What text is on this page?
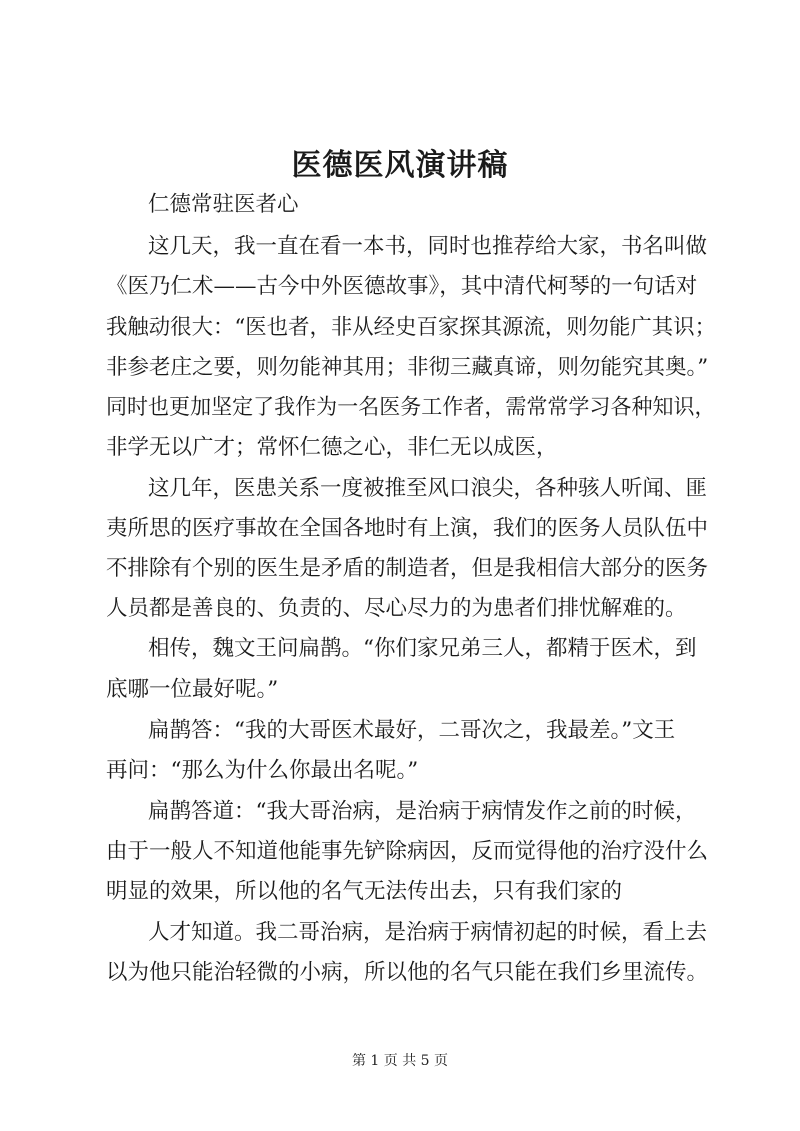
医德医风演讲稿
仁德常驻医者心
这几天，我一直在看一本书，同时也推荐给大家，书名叫做
《医乃仁术——古今中外医德故事》，其中清代柯琴的一句话对
我触动很大：“医也者，非从经史百家探其源流，则勿能广其识；
非参老庄之要，则勿能神其用；非彻三藏真谛，则勿能究其奥。”
同时也更加坚定了我作为一名医务工作者，需常常学习各种知识，
非学无以广才；常怀仁德之心，非仁无以成医，
这几年，医患关系一度被推至风口浪尖，各种骇人听闻、匪
夷所思的医疗事故在全国各地时有上演，我们的医务人员队伍中
不排除有个别的医生是矛盾的制造者，但是我相信大部分的医务
人员都是善良的、负责的、尽心尽力的为患者们排忧解难的。
相传，魏文王问扁鹊。“你们家兄弟三人，都精于医术，到
底哪一位最好呢。”
扁鹊答：“我的大哥医术最好，二哥次之，我最差。”文王
再问：“那么为什么你最出名呢。”
扁鹊答道：“我大哥治病，是治病于病情发作之前的时候，
由于一般人不知道他能事先铲除病因，反而觉得他的治疗没什么
明显的效果，所以他的名气无法传出去，只有我们家的
人才知道。我二哥治病，是治病于病情初起的时候，看上去
以为他只能治轻微的小病，所以他的名气只能在我们乡里流传。
第 1 页 共 5 页
